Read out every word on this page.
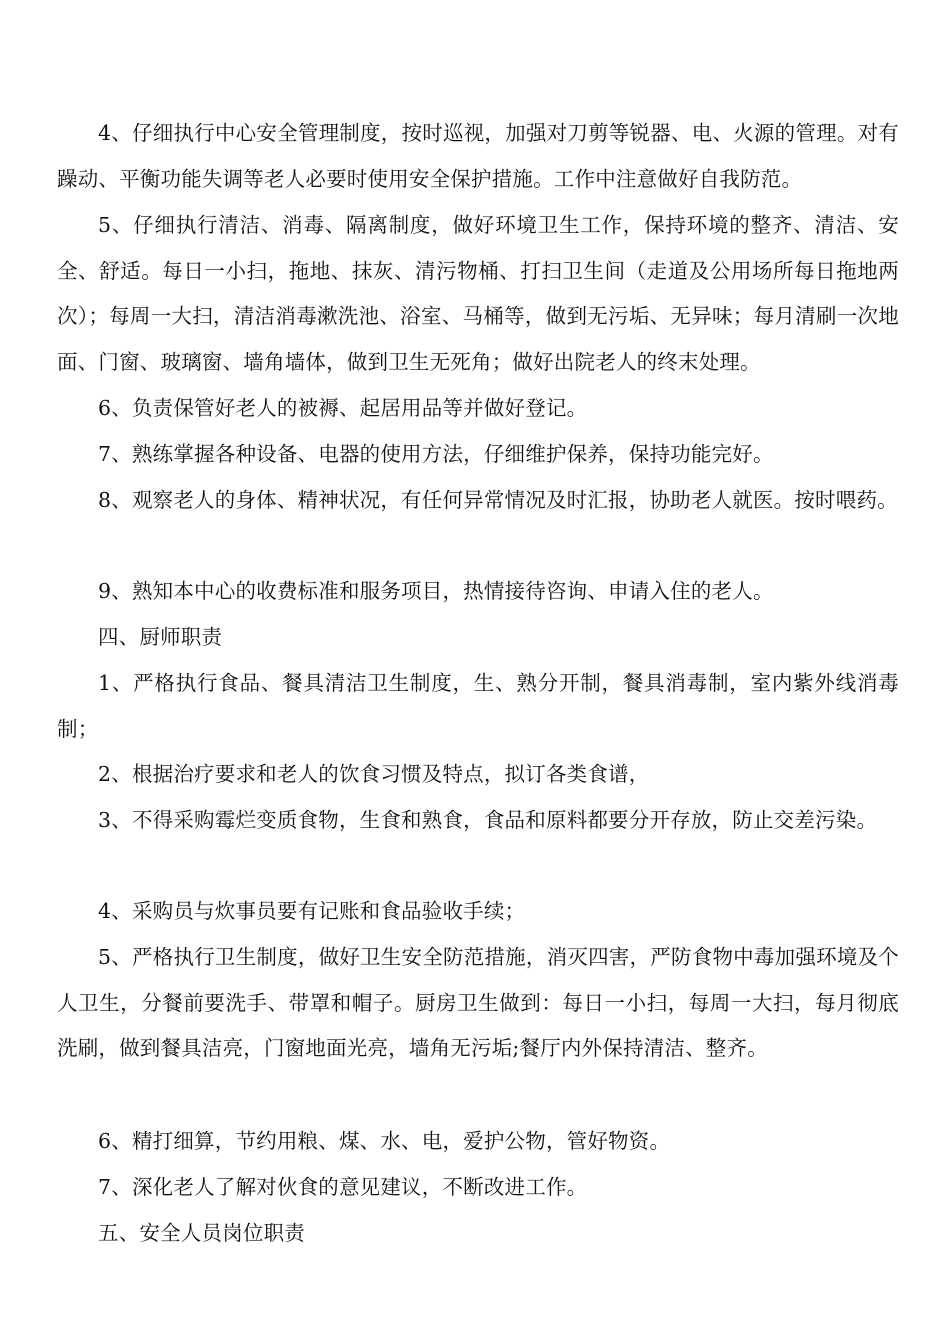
4、仔细执行中心安全管理制度，按时巡视，加强对刀剪等锐器、电、火源的管理。对有躁动、平衡功能失调等老人必要时使用安全保护措施。工作中注意做好自我防范。

5、仔细执行清洁、消毒、隔离制度，做好环境卫生工作，保持环境的整齐、清洁、安全、舒适。每日一小扫，拖地、抹灰、清污物桶、打扫卫生间（走道及公用场所每日拖地两次）；每周一大扫，清洁消毒漱洗池、浴室、马桶等，做到无污垢、无异味；每月清刷一次地面、门窗、玻璃窗、墙角墙体，做到卫生无死角；做好出院老人的终末处理。

6、负责保管好老人的被褥、起居用品等并做好登记。

7、熟练掌握各种设备、电器的使用方法，仔细维护保养，保持功能完好。

8、观察老人的身体、精神状况，有任何异常情况及时汇报，协助老人就医。按时喂药。

9、熟知本中心的收费标准和服务项目，热情接待咨询、申请入住的老人。

四、厨师职责

1、严格执行食品、餐具清洁卫生制度，生、熟分开制，餐具消毒制，室内紫外线消毒制；

2、根据治疗要求和老人的饮食习惯及特点，拟订各类食谱，

3、不得采购霉烂变质食物，生食和熟食，食品和原料都要分开存放，防止交差污染。

4、采购员与炊事员要有记账和食品验收手续；

5、严格执行卫生制度，做好卫生安全防范措施，消灭四害，严防食物中毒加强环境及个人卫生，分餐前要洗手、带罩和帽子。厨房卫生做到：每日一小扫，每周一大扫，每月彻底洗刷，做到餐具洁亮，门窗地面光亮，墙角无污垢;餐厅内外保持清洁、整齐。

6、精打细算，节约用粮、煤、水、电，爱护公物，管好物资。

7、深化老人了解对伙食的意见建议，不断改进工作。

五、安全人员岗位职责
